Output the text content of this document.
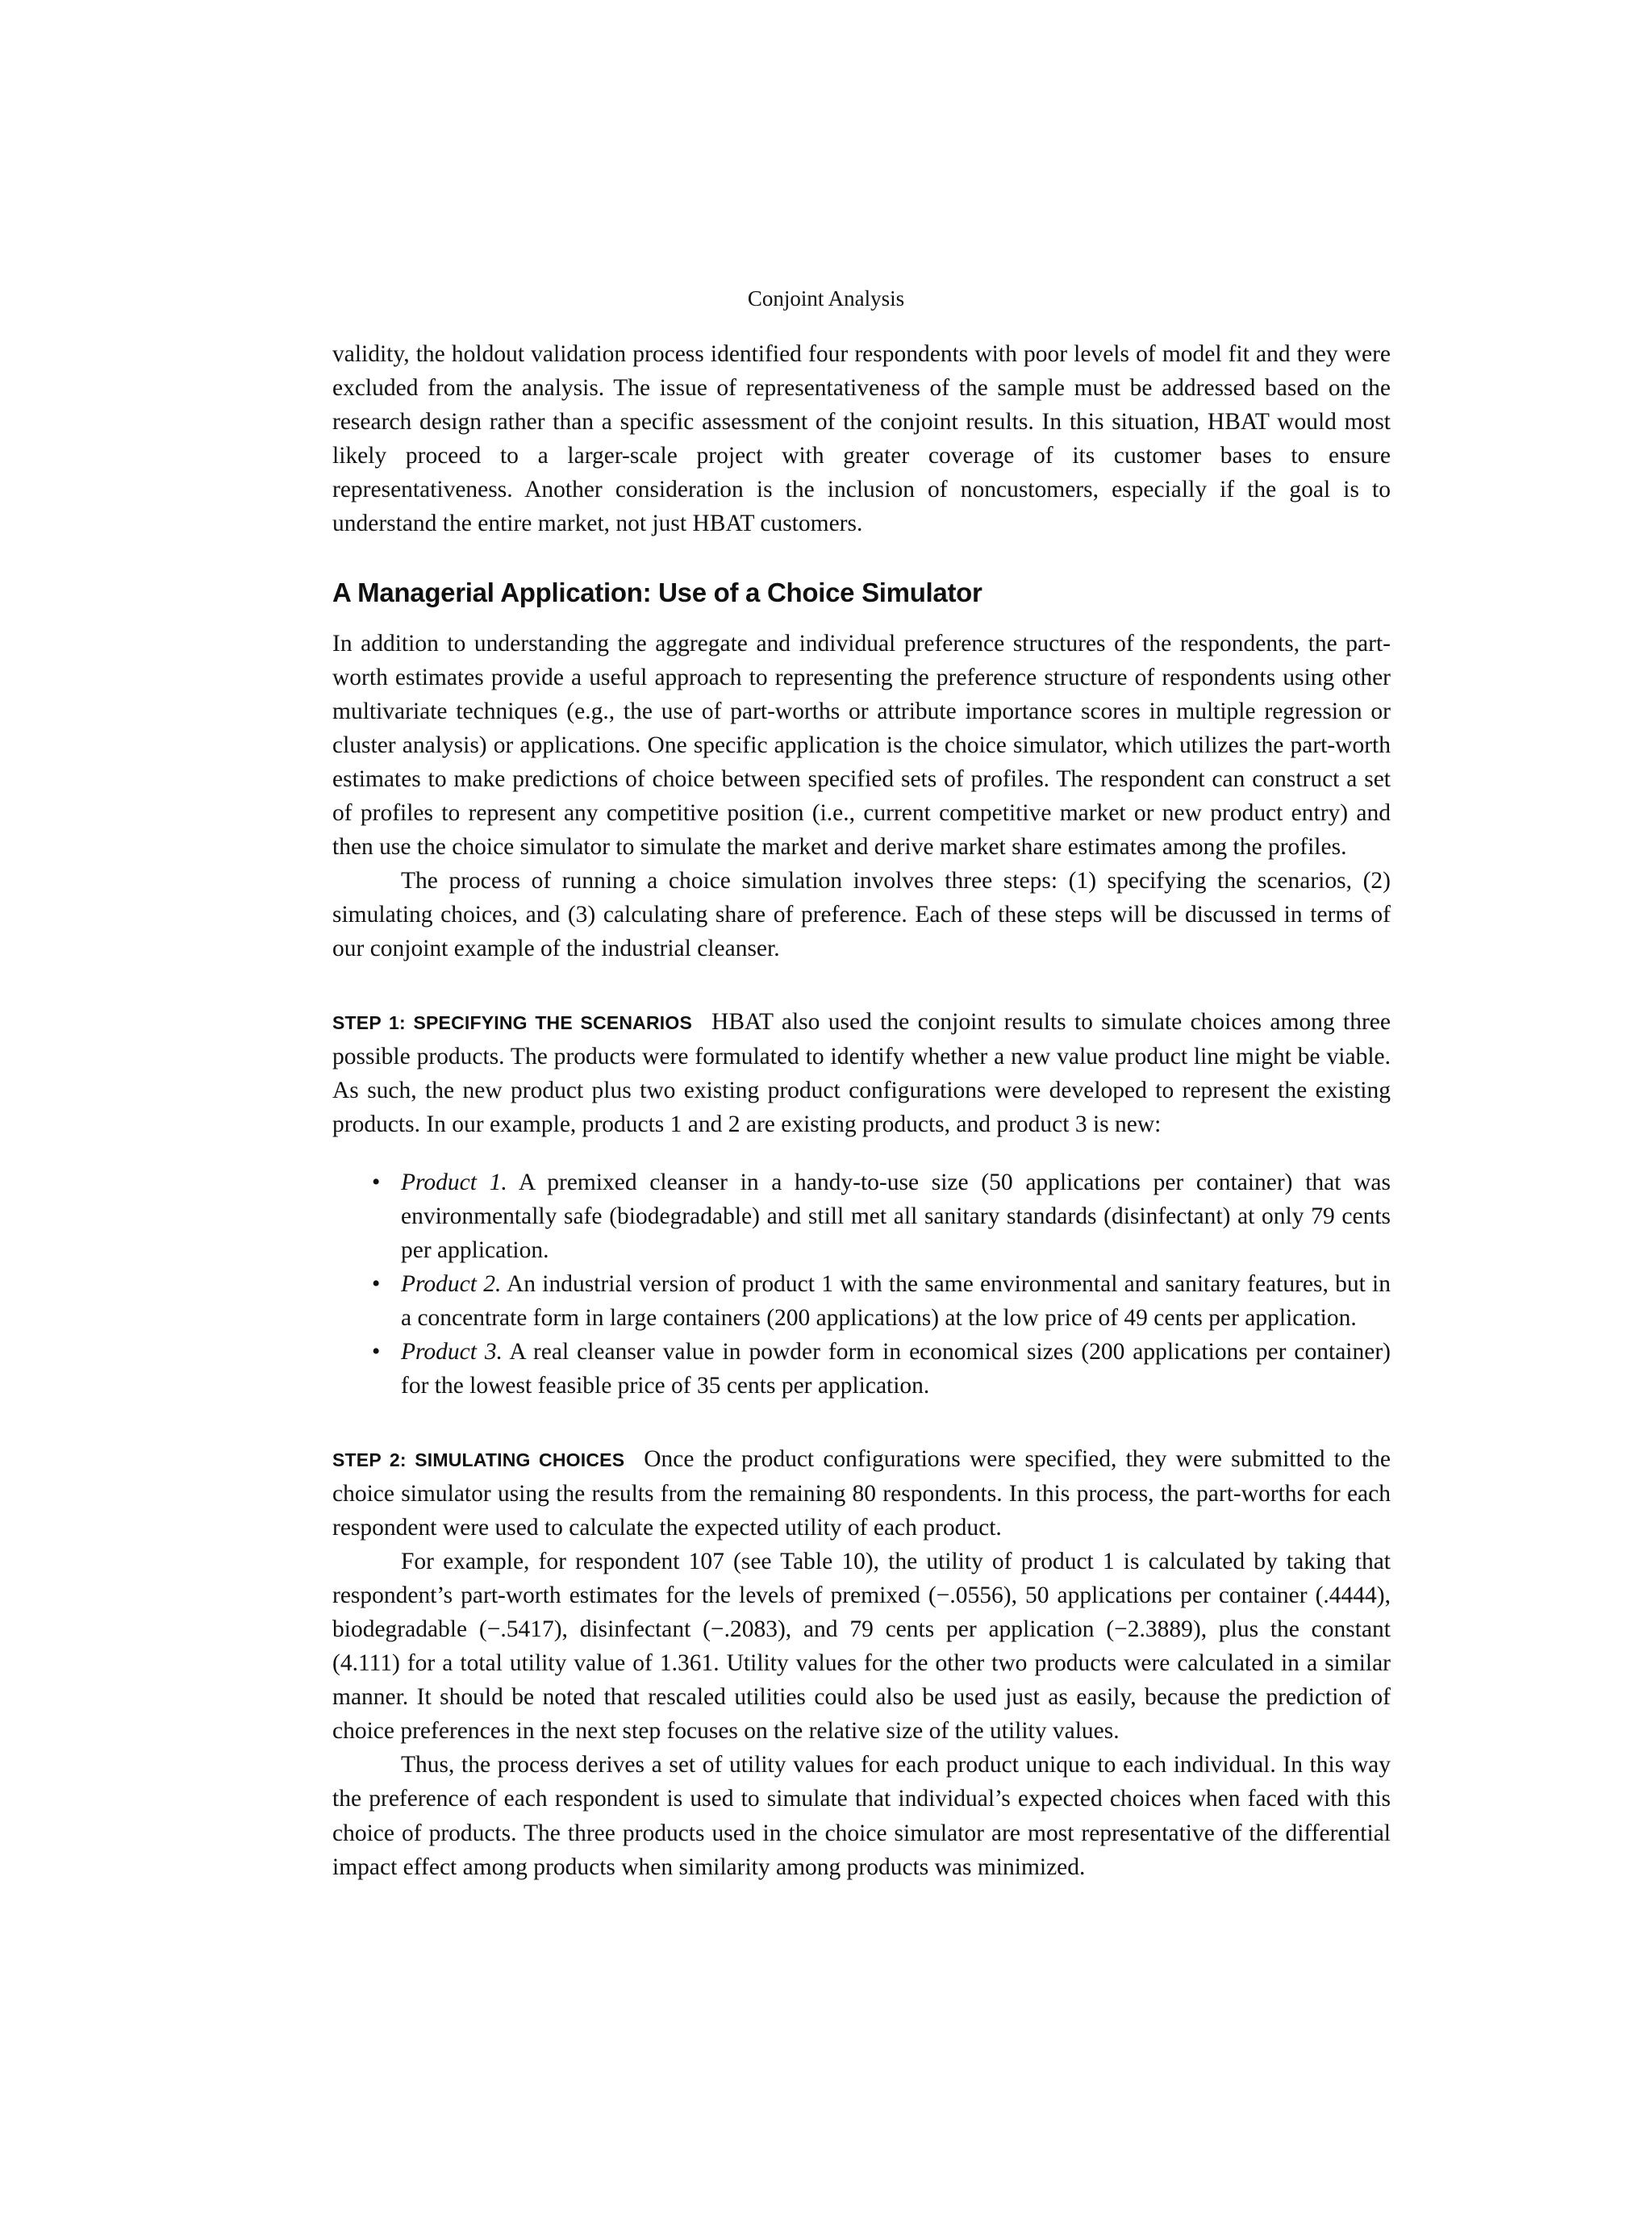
Conjoint Analysis

validity, the holdout validation process identified four respondents with poor levels of model fit and they were excluded from the analysis. The issue of representativeness of the sample must be addressed based on the research design rather than a specific assessment of the conjoint results. In this situation, HBAT would most likely proceed to a larger-scale project with greater coverage of its customer bases to ensure representativeness. Another consideration is the inclusion of noncustomers, especially if the goal is to understand the entire market, not just HBAT customers.

A Managerial Application: Use of a Choice Simulator

In addition to understanding the aggregate and individual preference structures of the respondents, the part-worth estimates provide a useful approach to representing the preference structure of respondents using other multivariate techniques (e.g., the use of part-worths or attribute importance scores in multiple regression or cluster analysis) or applications. One specific application is the choice simulator, which utilizes the part-worth estimates to make predictions of choice between specified sets of profiles. The respondent can construct a set of profiles to represent any competitive position (i.e., current competitive market or new product entry) and then use the choice simulator to simulate the market and derive market share estimates among the profiles.

The process of running a choice simulation involves three steps: (1) specifying the scenarios, (2) simulating choices, and (3) calculating share of preference. Each of these steps will be discussed in terms of our conjoint example of the industrial cleanser.

STEP 1: SPECIFYING THE SCENARIOS HBAT also used the conjoint results to simulate choices among three possible products. The products were formulated to identify whether a new value product line might be viable. As such, the new product plus two existing product configurations were developed to represent the existing products. In our example, products 1 and 2 are existing products, and product 3 is new:

• Product 1. A premixed cleanser in a handy-to-use size (50 applications per container) that was environmentally safe (biodegradable) and still met all sanitary standards (disinfectant) at only 79 cents per application.
• Product 2. An industrial version of product 1 with the same environmental and sanitary features, but in a concentrate form in large containers (200 applications) at the low price of 49 cents per application.
• Product 3. A real cleanser value in powder form in economical sizes (200 applications per container) for the lowest feasible price of 35 cents per application.

STEP 2: SIMULATING CHOICES Once the product configurations were specified, they were submitted to the choice simulator using the results from the remaining 80 respondents. In this process, the part-worths for each respondent were used to calculate the expected utility of each product.

For example, for respondent 107 (see Table 10), the utility of product 1 is calculated by taking that respondent’s part-worth estimates for the levels of premixed (−.0556), 50 applications per container (.4444), biodegradable (−.5417), disinfectant (−.2083), and 79 cents per application (−2.3889), plus the constant (4.111) for a total utility value of 1.361. Utility values for the other two products were calculated in a similar manner. It should be noted that rescaled utilities could also be used just as easily, because the prediction of choice preferences in the next step focuses on the relative size of the utility values.

Thus, the process derives a set of utility values for each product unique to each individual. In this way the preference of each respondent is used to simulate that individual’s expected choices when faced with this choice of products. The three products used in the choice simulator are most representative of the differential impact effect among products when similarity among products was minimized.
